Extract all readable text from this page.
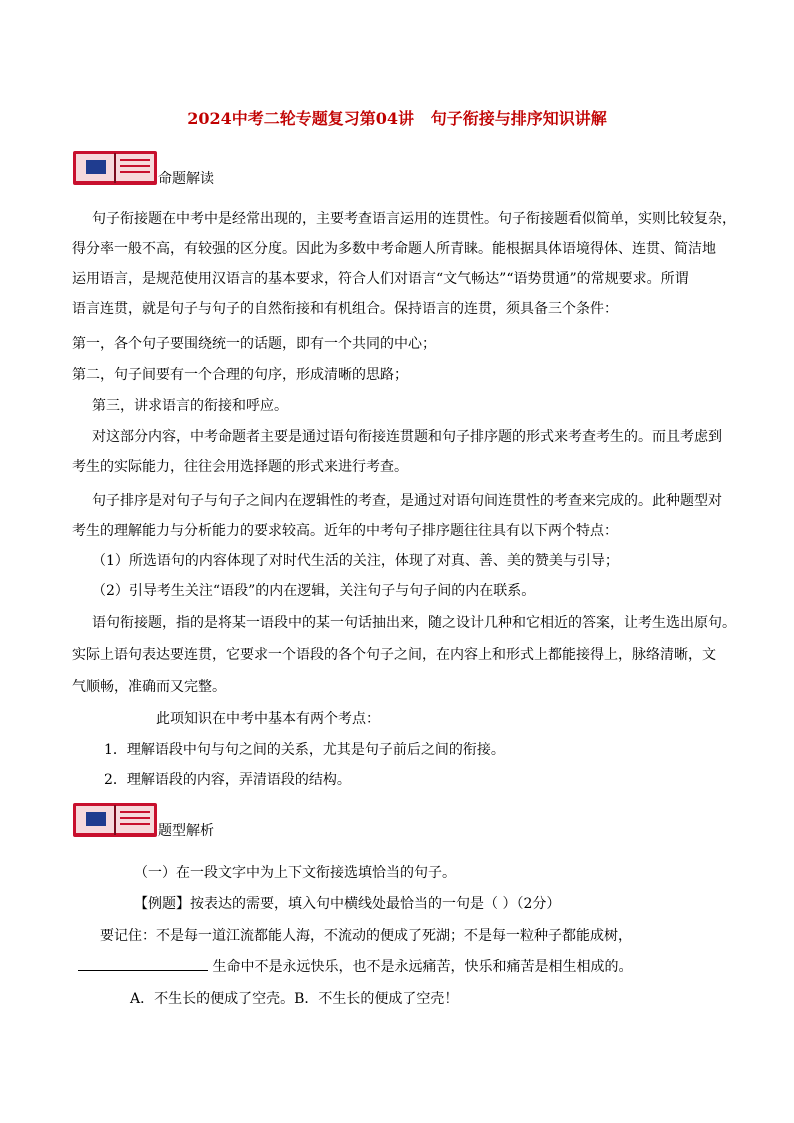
2024中考二轮专题复习第04讲   句子衔接与排序知识讲解
命题解读
句子衔接题在中考中是经常出现的，主要考查语言运用的连贯性。句子衔接题看似简单，实则比较复杂，
得分率一般不高，有较强的区分度。因此为多数中考命题人所青睐。能根据具体语境得体、连贯、简洁地
运用语言，是规范使用汉语言的基本要求，符合人们对语言“文气畅达”“语势贯通”的常规要求。所谓
语言连贯，就是句子与句子的自然衔接和有机组合。保持语言的连贯，须具备三个条件：
第一，各个句子要围绕统一的话题，即有一个共同的中心；
第二，句子间要有一个合理的句序，形成清晰的思路；
第三，讲求语言的衔接和呼应。
对这部分内容，中考命题者主要是通过语句衔接连贯题和句子排序题的形式来考查考生的。而且考虑到
考生的实际能力，往往会用选择题的形式来进行考查。
句子排序是对句子与句子之间内在逻辑性的考查，是通过对语句间连贯性的考查来完成的。此种题型对
考生的理解能力与分析能力的要求较高。近年的中考句子排序题往往具有以下两个特点：
（1）所选语句的内容体现了对时代生活的关注，体现了对真、善、美的赞美与引导；
（2）引导考生关注“语段”的内在逻辑，关注句子与句子间的内在联系。
语句衔接题，指的是将某一语段中的某一句话抽出来，随之设计几种和它相近的答案，让考生选出原句。
实际上语句表达要连贯，它要求一个语段的各个句子之间，在内容上和形式上都能接得上，脉络清晰，文
气顺畅，准确而又完整。
此项知识在中考中基本有两个考点：
1．理解语段中句与句之间的关系，尤其是句子前后之间的衔接。
2．理解语段的内容，弄清语段的结构。
题型解析
（一）在一段文字中为上下文衔接选填恰当的句子。
【例题】按表达的需要，填入句中横线处最恰当的一句是（ ）（2分）
要记住：不是每一道江流都能人海，不流动的便成了死湖；不是每一粒种子都能成树，
生命中不是永远快乐，也不是永远痛苦，快乐和痛苦是相生相成的。
A．不生长的便成了空壳。B．不生长的便成了空壳！
